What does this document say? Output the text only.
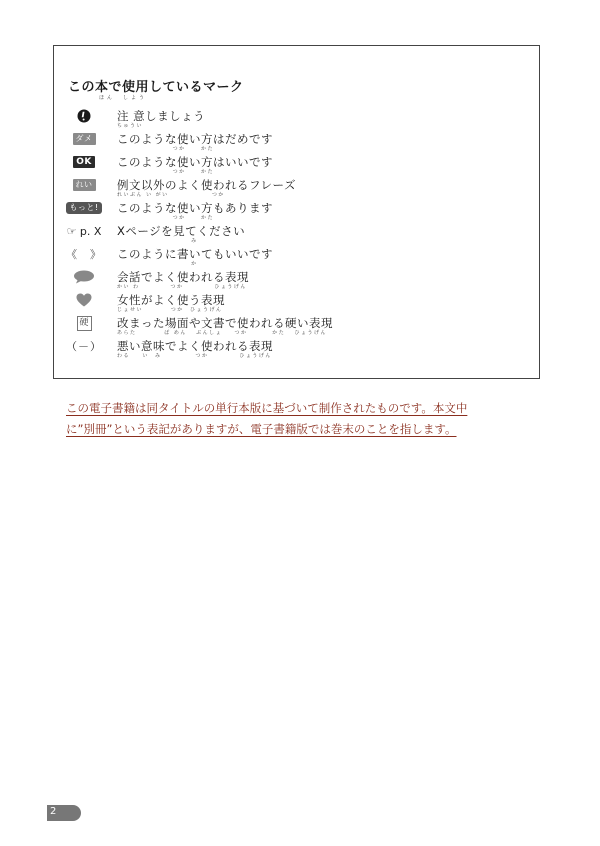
この本で使用しているマーク
ほん　しよう
注 意しましょう
ちゅうい
ダメ このような使い方はだめです
つか     かた
OK このような使い方はいいです
つか     かた
れい 例文以外のよく使われるフレーズ
れいぶん い がい              つか
もっと! このような使い方もあります
つか     かた
☞ p. X Xページを見てください
み
《　》 このように書いてもいいです
か
会話でよく使われる表現
かい わ          つか          ひょうげん
女性がよく使う表現
じょせい         つか  ひょうげん
硬 改まった場面や文書で使われる硬い表現
あらた         ば めん   ぶんしょ    つか        かた   ひょうげん
（－） 悪い意味でよく使われる表現
わる    い  み           つか          ひょうげん

この電子書籍は同タイトルの単行本版に基づいて制作されたものです。本文中
に”別冊”という表記がありますが、電子書籍版では巻末のことを指します。

2
